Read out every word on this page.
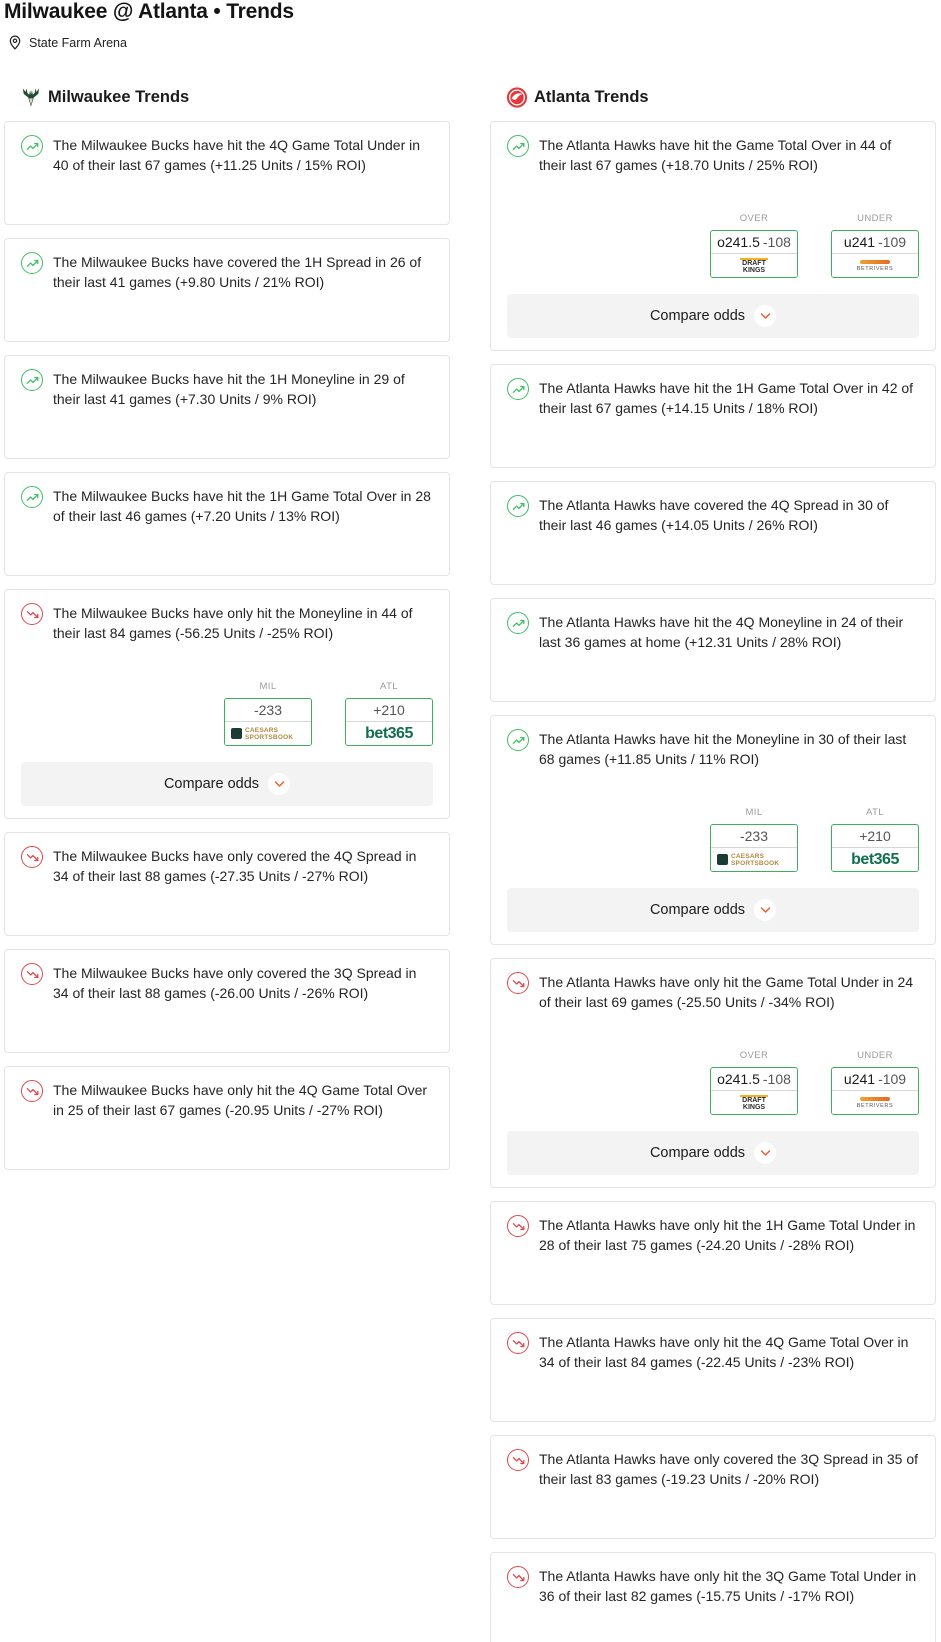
Milwaukee @ Atlanta • Trends
State Farm Arena
Milwaukee Trends
The Milwaukee Bucks have hit the 4Q Game Total Under in 40 of their last 67 games (+11.25 Units / 15% ROI)
The Milwaukee Bucks have covered the 1H Spread in 26 of their last 41 games (+9.80 Units / 21% ROI)
The Milwaukee Bucks have hit the 1H Moneyline in 29 of their last 41 games (+7.30 Units / 9% ROI)
The Milwaukee Bucks have hit the 1H Game Total Over in 28 of their last 46 games (+7.20 Units / 13% ROI)
The Milwaukee Bucks have only hit the Moneyline in 44 of their last 84 games (-56.25 Units / -25% ROI)
MIL
-233
CAESARS SPORTSBOOK
ATL
+210
bet365
Compare odds
The Milwaukee Bucks have only covered the 4Q Spread in 34 of their last 88 games (-27.35 Units / -27% ROI)
The Milwaukee Bucks have only covered the 3Q Spread in 34 of their last 88 games (-26.00 Units / -26% ROI)
The Milwaukee Bucks have only hit the 4Q Game Total Over in 25 of their last 67 games (-20.95 Units / -27% ROI)
Atlanta Trends
The Atlanta Hawks have hit the Game Total Over in 44 of their last 67 games (+18.70 Units / 25% ROI)
OVER
o241.5 -108
DRAFT KINGS
UNDER
u241 -109
BETRIVERS
Compare odds
The Atlanta Hawks have hit the 1H Game Total Over in 42 of their last 67 games (+14.15 Units / 18% ROI)
The Atlanta Hawks have covered the 4Q Spread in 30 of their last 46 games (+14.05 Units / 26% ROI)
The Atlanta Hawks have hit the 4Q Moneyline in 24 of their last 36 games at home (+12.31 Units / 28% ROI)
The Atlanta Hawks have hit the Moneyline in 30 of their last 68 games (+11.85 Units / 11% ROI)
MIL
-233
CAESARS SPORTSBOOK
ATL
+210
bet365
Compare odds
The Atlanta Hawks have only hit the Game Total Under in 24 of their last 69 games (-25.50 Units / -34% ROI)
OVER
o241.5 -108
DRAFT KINGS
UNDER
u241 -109
BETRIVERS
Compare odds
The Atlanta Hawks have only hit the 1H Game Total Under in 28 of their last 75 games (-24.20 Units / -28% ROI)
The Atlanta Hawks have only hit the 4Q Game Total Over in 34 of their last 84 games (-22.45 Units / -23% ROI)
The Atlanta Hawks have only covered the 3Q Spread in 35 of their last 83 games (-19.23 Units / -20% ROI)
The Atlanta Hawks have only hit the 3Q Game Total Under in 36 of their last 82 games (-15.75 Units / -17% ROI)
